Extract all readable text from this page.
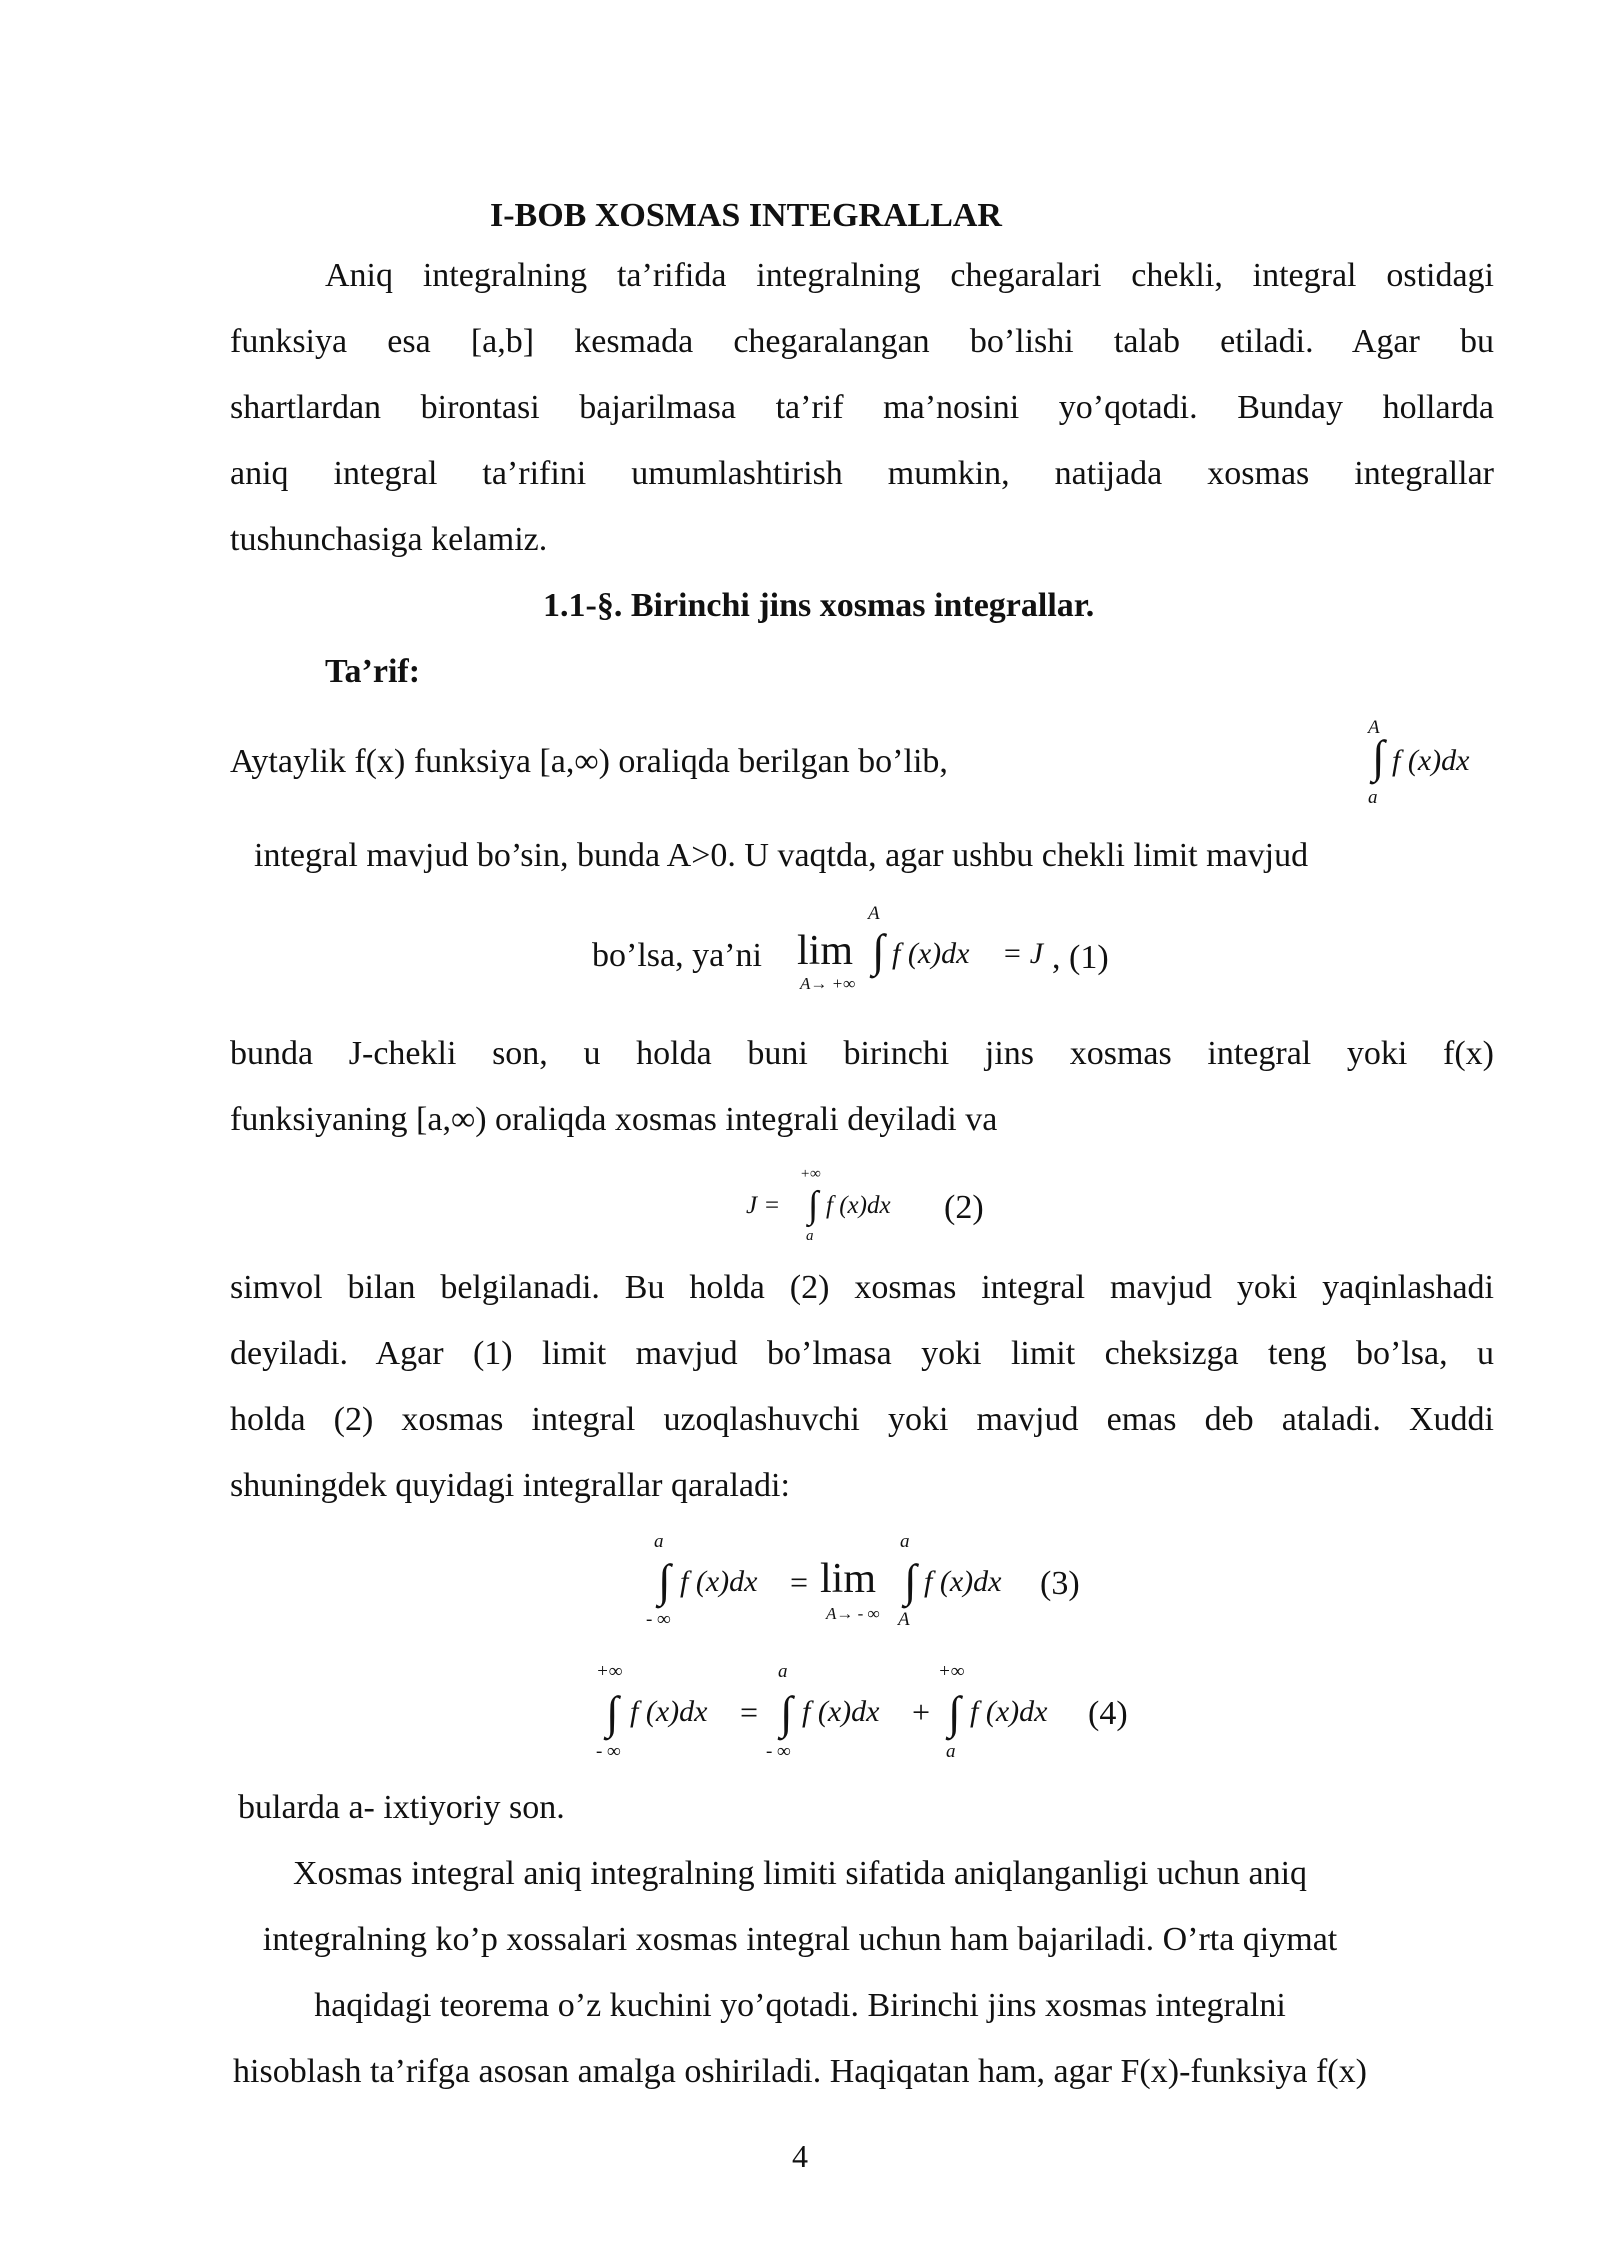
I-BOB XOSMAS INTEGRALLAR
Aniq integralning ta’rifida integralning chegaralari chekli, integral ostidagi
funksiya esa [a,b] kesmada chegaralangan bo’lishi talab etiladi. Agar bu
shartlardan birontasi bajarilmasa ta’rif ma’nosini yo’qotadi. Bunday hollarda
aniq integral ta’rifini umumlashtirish mumkin, natijada xosmas integrallar
tushunchasiga kelamiz.
1.1-§. Birinchi jins xosmas integrallar.
Ta’rif:
Aytaylik f(x) funksiya [a,∞) oraliqda berilgan bo’lib,
A
∫ f (x)dx
a
integral mavjud bo’sin, bunda A>0. U vaqtda, agar ushbu chekli limit mavjud
bo’lsa, ya’ni lim
A→ +∞
A
∫ f (x)dx = J , (1)
bunda J-chekli son, u holda buni birinchi jins xosmas integral yoki f(x)
funksiyaning [a,∞) oraliqda xosmas integrali deyiladi va
J =
+∞
∫ f (x)dx
a
(2)
simvol bilan belgilanadi. Bu holda (2) xosmas integral mavjud yoki yaqinlashadi
deyiladi. Agar (1) limit mavjud bo’lmasa yoki limit cheksizga teng bo’lsa, u
holda (2) xosmas integral uzoqlashuvchi yoki mavjud emas deb ataladi. Xuddi
shuningdek quyidagi integrallar qaraladi:
a
∫ f (x)dx
- ∞
= lim
A→ - ∞
a
∫ f (x)dx
A
(3)
+∞
∫ f (x)dx
- ∞
=
a
∫ f (x)dx
- ∞
+
+∞
∫ f (x)dx
a
(4)
bularda a- ixtiyoriy son.
Xosmas integral aniq integralning limiti sifatida aniqlanganligi uchun aniq
integralning ko’p xossalari xosmas integral uchun ham bajariladi. O’rta qiymat
haqidagi teorema o’z kuchini yo’qotadi. Birinchi jins xosmas integralni
hisoblash ta’rifga asosan amalga oshiriladi. Haqiqatan ham, agar F(x)-funksiya f(x)
4
